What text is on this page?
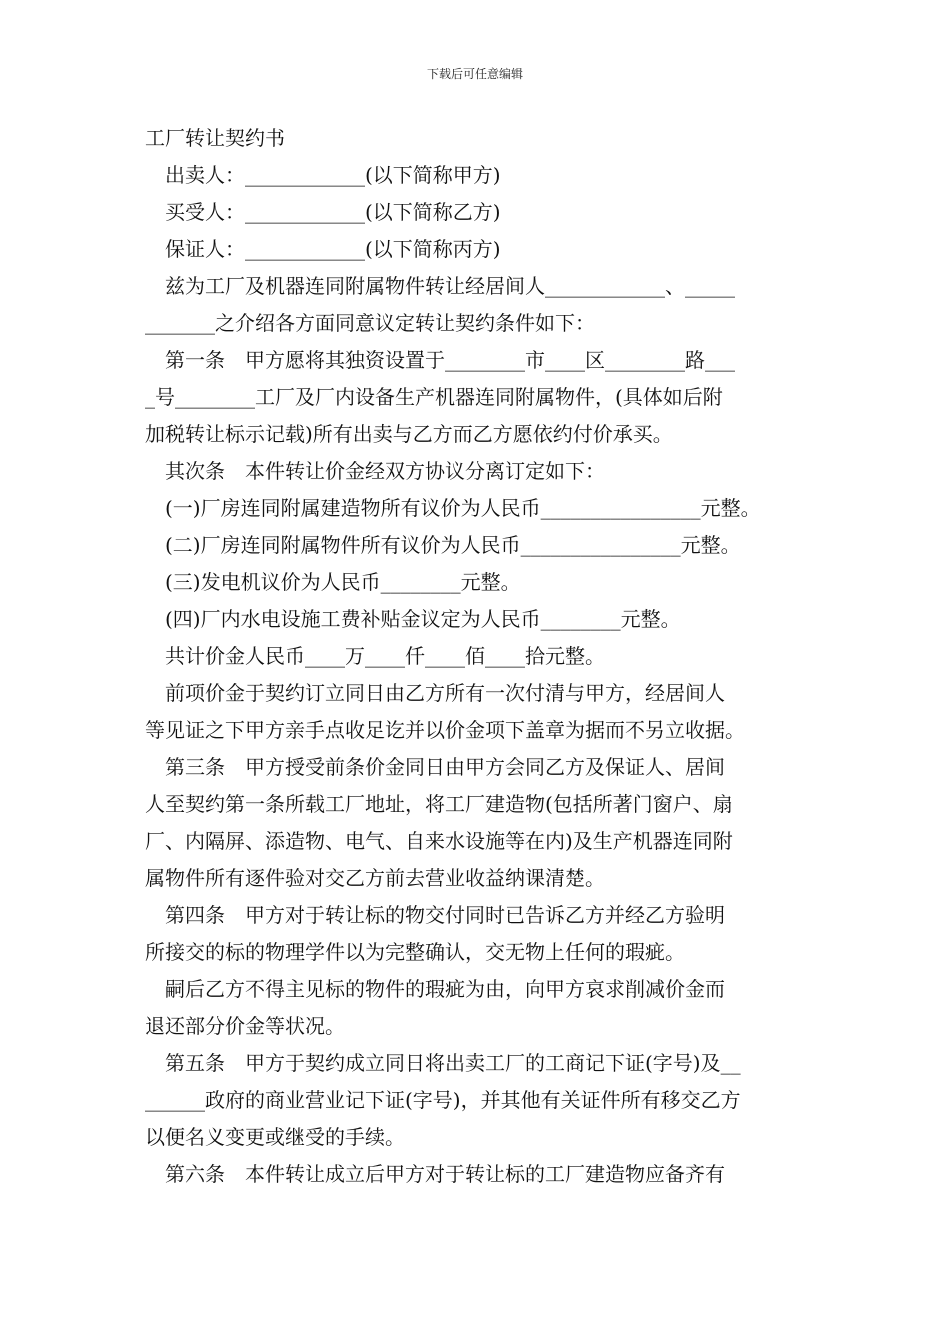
下载后可任意编辑
工厂转让契约书
出卖人：____________(以下简称甲方)
买受人：____________(以下简称乙方)
保证人：____________(以下简称丙方)
兹为工厂及机器连同附属物件转让经居间人____________、_____
_______之介绍各方面同意议定转让契约条件如下：
第一条　甲方愿将其独资设置于________市____区________路___
_号________工厂及厂内设备生产机器连同附属物件，(具体如后附
加税转让标示记载)所有出卖与乙方而乙方愿依约付价承买。
其次条　本件转让价金经双方协议分离订定如下：
(一)厂房连同附属建造物所有议价为人民币________________元整。
(二)厂房连同附属物件所有议价为人民币________________元整。
(三)发电机议价为人民币________元整。
(四)厂内水电设施工费补贴金议定为人民币________元整。
共计价金人民币____万____仟____佰____拾元整。
前项价金于契约订立同日由乙方所有一次付清与甲方，经居间人
等见证之下甲方亲手点收足讫并以价金项下盖章为据而不另立收据。
第三条　甲方授受前条价金同日由甲方会同乙方及保证人、居间
人至契约第一条所载工厂地址，将工厂建造物(包括所著门窗户、扇
厂、内隔屏、添造物、电气、自来水设施等在内)及生产机器连同附
属物件所有逐件验对交乙方前去营业收益纳课清楚。
第四条　甲方对于转让标的物交付同时已告诉乙方并经乙方验明
所接交的标的物理学件以为完整确认，交无物上任何的瑕疵。
嗣后乙方不得主见标的物件的瑕疵为由，向甲方哀求削减价金而
退还部分价金等状况。
第五条　甲方于契约成立同日将出卖工厂的工商记下证(字号)及__
______政府的商业营业记下证(字号)，并其他有关证件所有移交乙方
以便名义变更或继受的手续。
第六条　本件转让成立后甲方对于转让标的工厂建造物应备齐有
